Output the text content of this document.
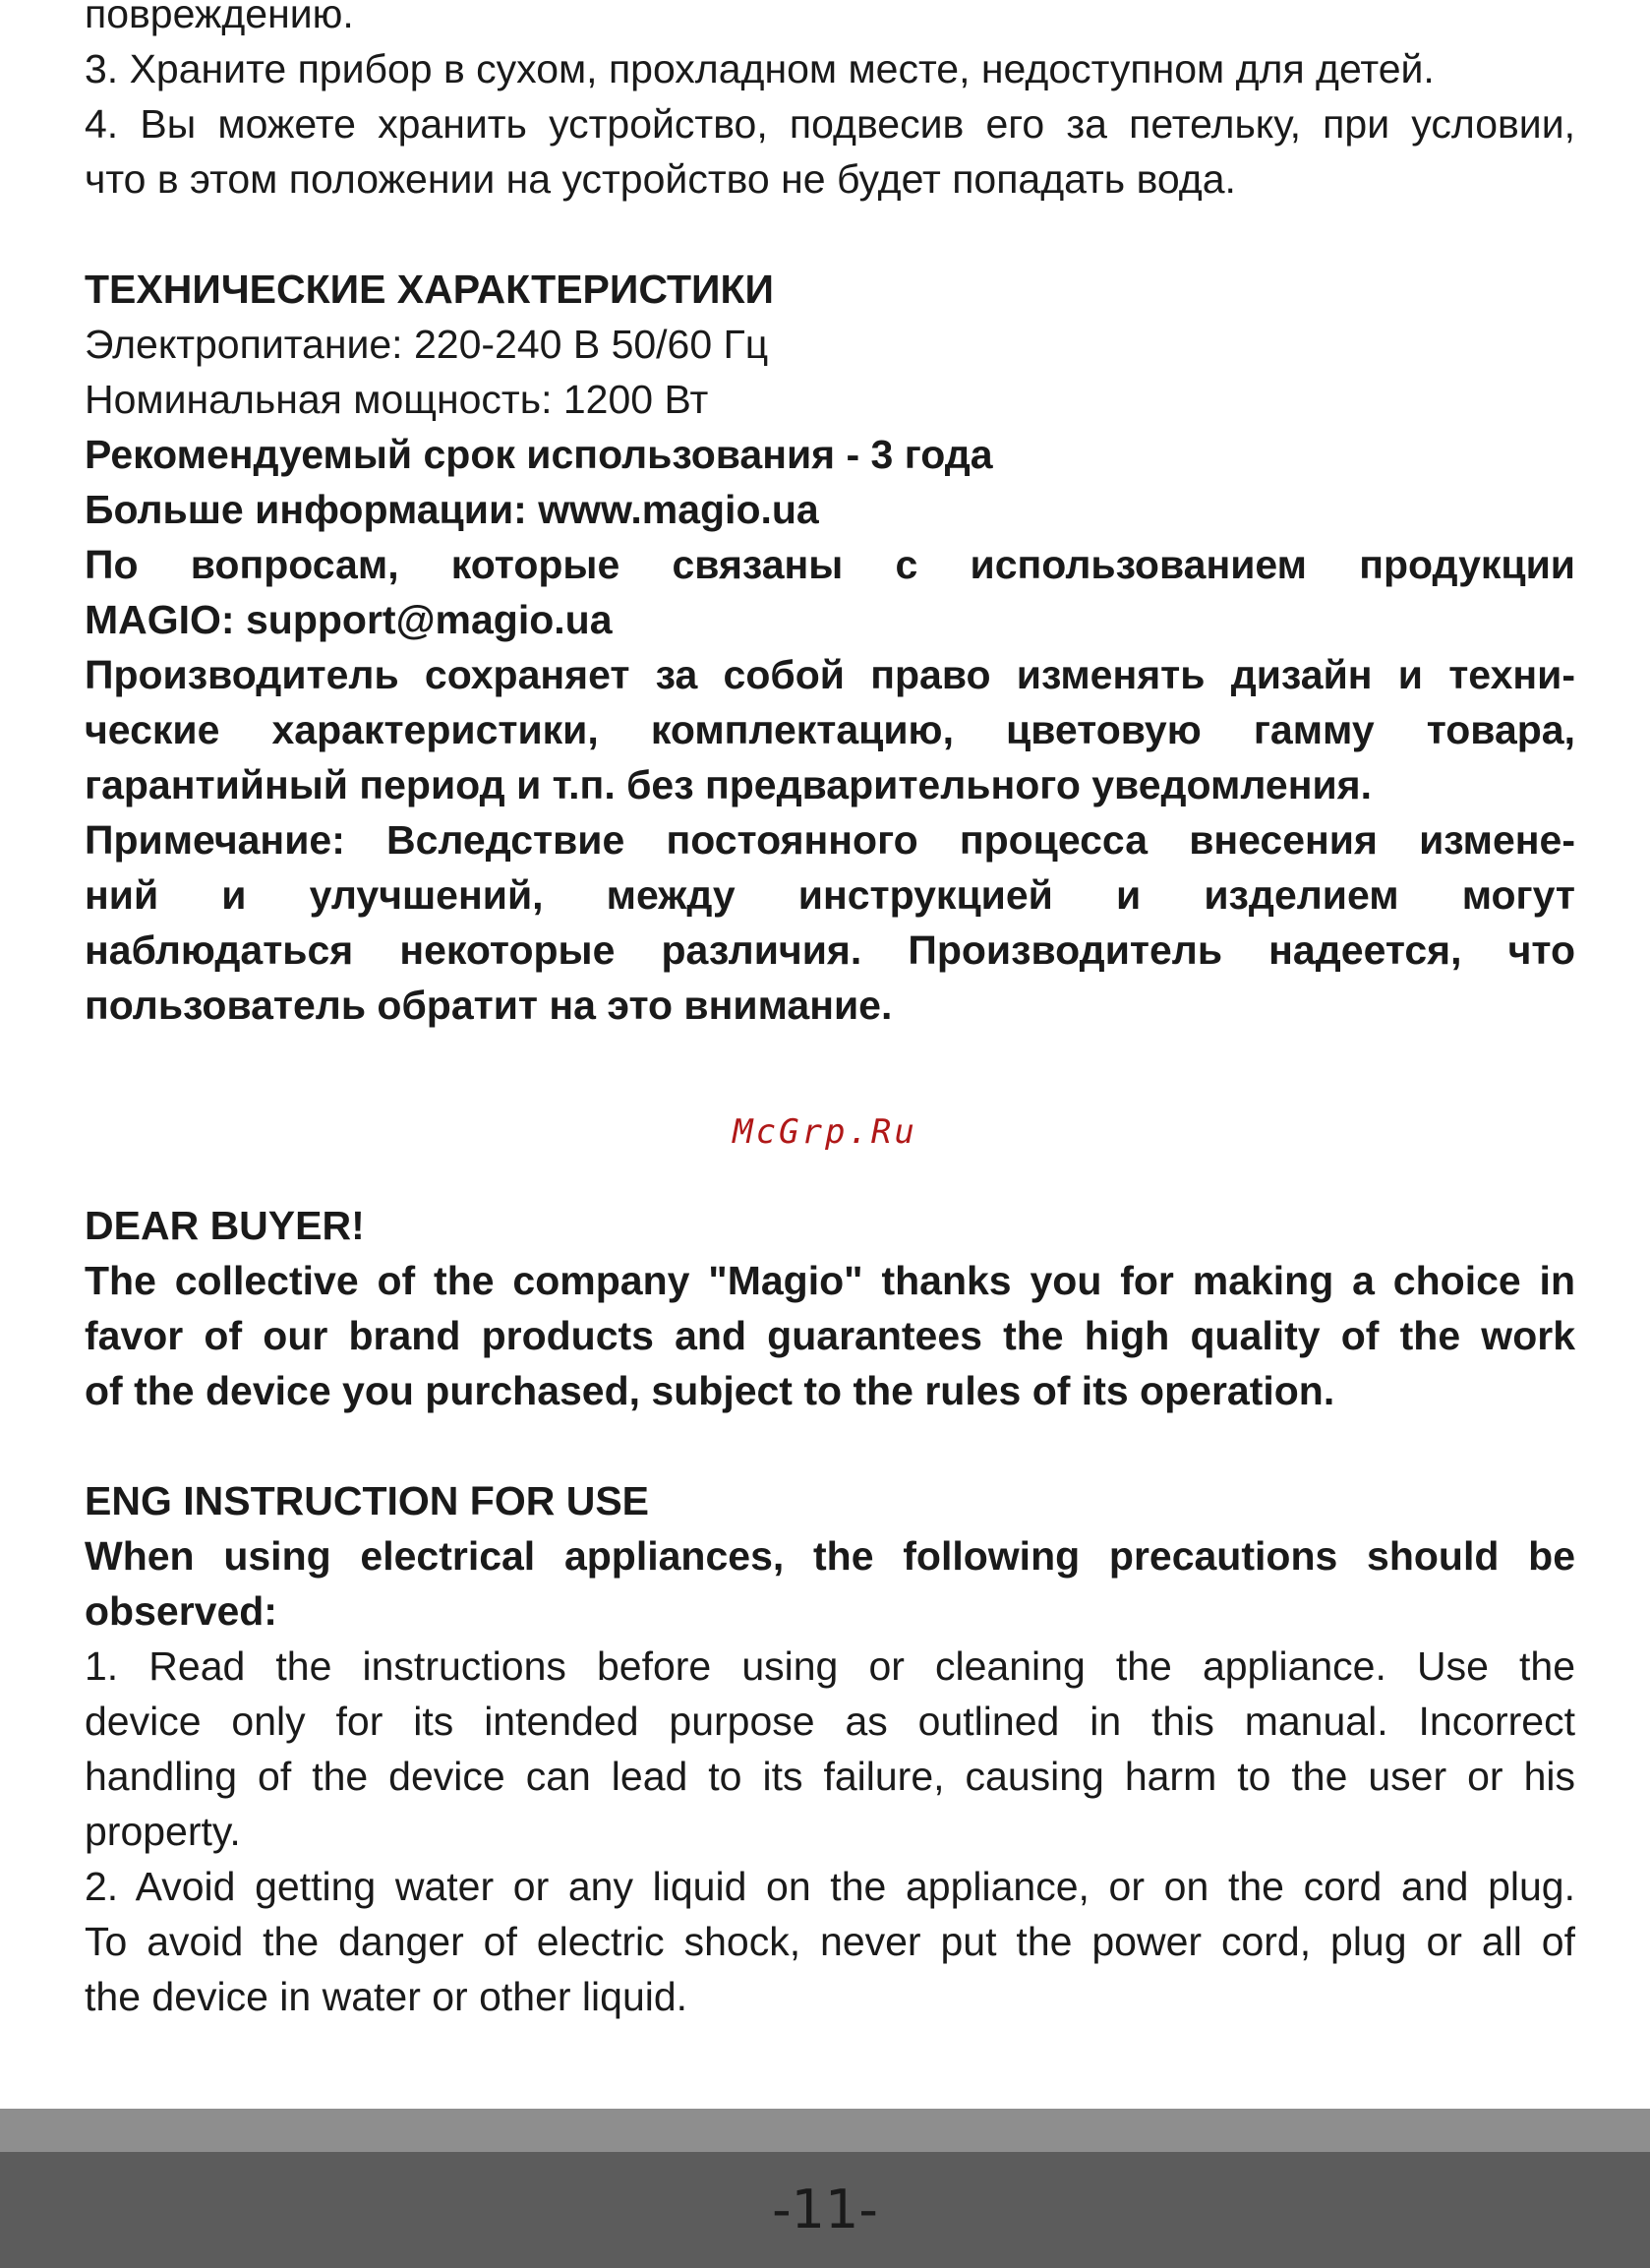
повреждению.
3. Храните прибор в сухом, прохладном месте, недоступном для детей.
4. Вы можете хранить устройство, подвесив его за петельку, при условии,
что в этом положении на устройство не будет попадать вода.
ТЕХНИЧЕСКИЕ ХАРАКТЕРИСТИКИ
Электропитание: 220-240 В 50/60 Гц
Номинальная мощность: 1200 Вт
Рекомендуемый срок использования - 3 года
Больше информации: www.magio.ua
По вопросам, которые связаны с использованием продукции
MAGIO: support@magio.ua
Производитель сохраняет за собой право изменять дизайн и техни-
ческие характеристики, комплектацию, цветовую гамму товара,
гарантийный период и т.п. без предварительного уведомления.
Примечание: Вследствие постоянного процесса внесения измене-
ний и улучшений, между инструкцией и изделием могут
наблюдаться некоторые различия. Производитель надеется, что
пользователь обратит на это внимание.
DEAR BUYER!
The collective of the company "Magio" thanks you for making a choice in
favor of our brand products and guarantees the high quality of the work
of the device you purchased, subject to the rules of its operation.
ENG INSTRUCTION FOR USE
When using electrical appliances, the following precautions should be
observed:
1. Read the instructions before using or cleaning the appliance. Use the
device only for its intended purpose as outlined in this manual. Incorrect
handling of the device can lead to its failure, causing harm to the user or his
property.
2. Avoid getting water or any liquid on the appliance, or on the cord and plug.
To avoid the danger of electric shock, never put the power cord, plug or all of
the device in water or other liquid.
McGrp.Ru
-11-
